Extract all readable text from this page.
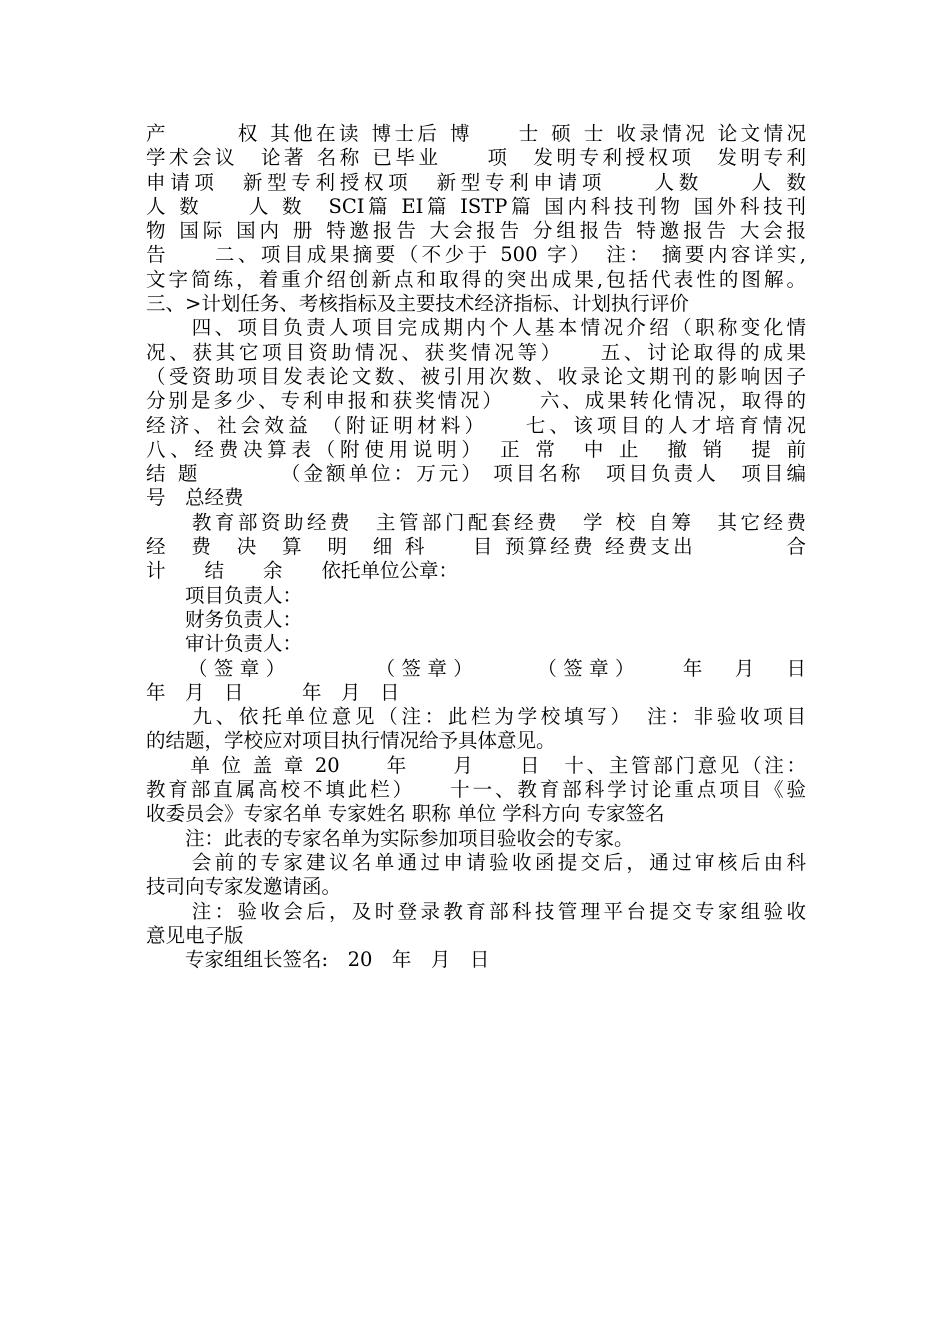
产　　　权 其他在读 博士后 博　　士 硕 士 收录情况 论文情况
学术会议　论著 名称 已毕业　　项　发明专利授权项　发明专利
申请项　新型专利授权项　新型专利申请项　　人数　　人 数
人 数　　人 数　SCI篇 EI篇 ISTP篇 国内科技刊物 国外科技刊
物 国际 国内 册 特邀报告 大会报告 分组报告 特邀报告 大会报
告　　二、项目成果摘要（不少于 500 字）　注： 摘要内容详实,
文字简练，着重介绍创新点和取得的突出成果,包括代表性的图解。
三、>计划任务、考核指标及主要技术经济指标、计划执行评价
　　四、项目负责人项目完成期内个人基本情况介绍（职称变化情
况、获其它项目资助情况、获奖情况等）　　五、讨论取得的成果
（受资助项目发表论文数、被引用次数、收录论文期刊的影响因子
分别是多少、专利申报和获奖情况）　　六、成果转化情况，取得的
经济、社会效益 （附证明材料）　　七、该项目的人才培育情况
八、经费决算表（附使用说明）　正 常　中 止　撤 销　提 前
结 题　　　　（金额单位：万元） 项目名称　项目负责人　项目编
号　总经费
　　教育部资助经费　主管部门配套经费　学 校 自筹　其它经费
经　费　决　算　明　细 科　　目 预算经费 经费支出　　　　合
计　　结　　余　　依托单位公章：
　　项目负责人：
　　财务负责人：
　　审计负责人：
　　（签章）　　　　（签章）　　　（签章）　　年　月　日
年　月　日　　　年　月　日
　　九、依托单位意见（注：此栏为学校填写）　注：非验收项目
的结题，学校应对项目执行情况给予具体意见。
　　单 位 盖 章 20　　年　　月　　日　十、主管部门意见（注：
教育部直属高校不填此栏）　　十一、教育部科学讨论重点项目《验
收委员会》专家名单 专家姓名 职称 单位 学科方向 专家签名
　　注：此表的专家名单为实际参加项目验收会的专家。
　　会前的专家建议名单通过申请验收函提交后，通过审核后由科
技司向专家发邀请函。
　　注：验收会后，及时登录教育部科技管理平台提交专家组验收
意见电子版
　　专家组组长签名:　20　年　月　日
